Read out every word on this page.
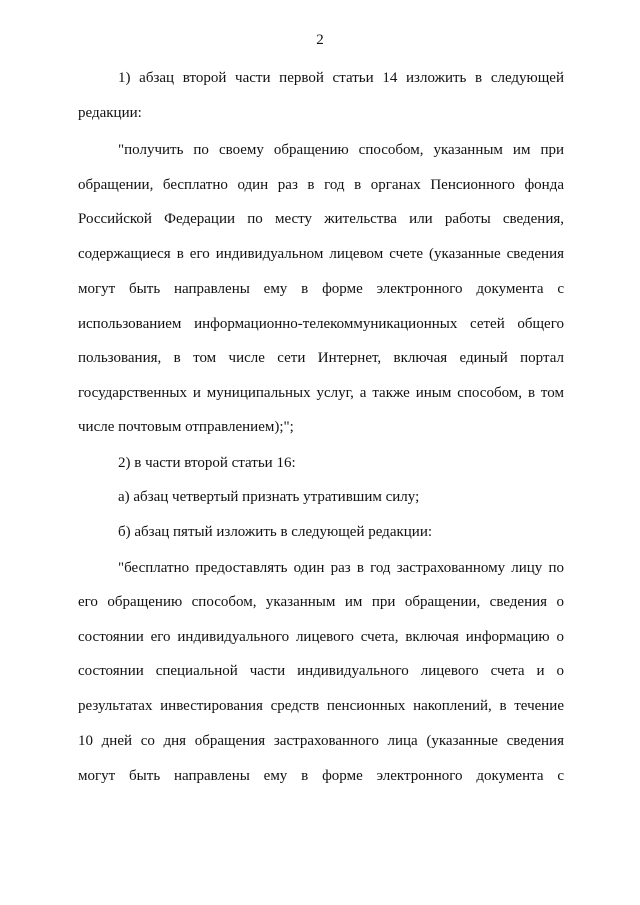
2
1) абзац второй части первой статьи 14 изложить в следующей
редакции:
"получить по своему обращению способом, указанным им при
обращении, бесплатно один раз в год в органах Пенсионного фонда
Российской Федерации по месту жительства или работы сведения,
содержащиеся в его индивидуальном лицевом счете (указанные сведения
могут быть направлены ему в форме электронного документа с
использованием информационно-телекоммуникационных сетей общего
пользования, в том числе сети Интернет, включая единый портал
государственных и муниципальных услуг, а также иным способом, в том
числе почтовым отправлением);";
2) в части второй статьи 16:
а) абзац четвертый признать утратившим силу;
б) абзац пятый изложить в следующей редакции:
"бесплатно предоставлять один раз в год застрахованному лицу по
его обращению способом, указанным им при обращении, сведения о
состоянии его индивидуального лицевого счета, включая информацию о
состоянии специальной части индивидуального лицевого счета и о
результатах инвестирования средств пенсионных накоплений, в течение
10 дней со дня обращения застрахованного лица (указанные сведения
могут быть направлены ему в форме электронного документа с
